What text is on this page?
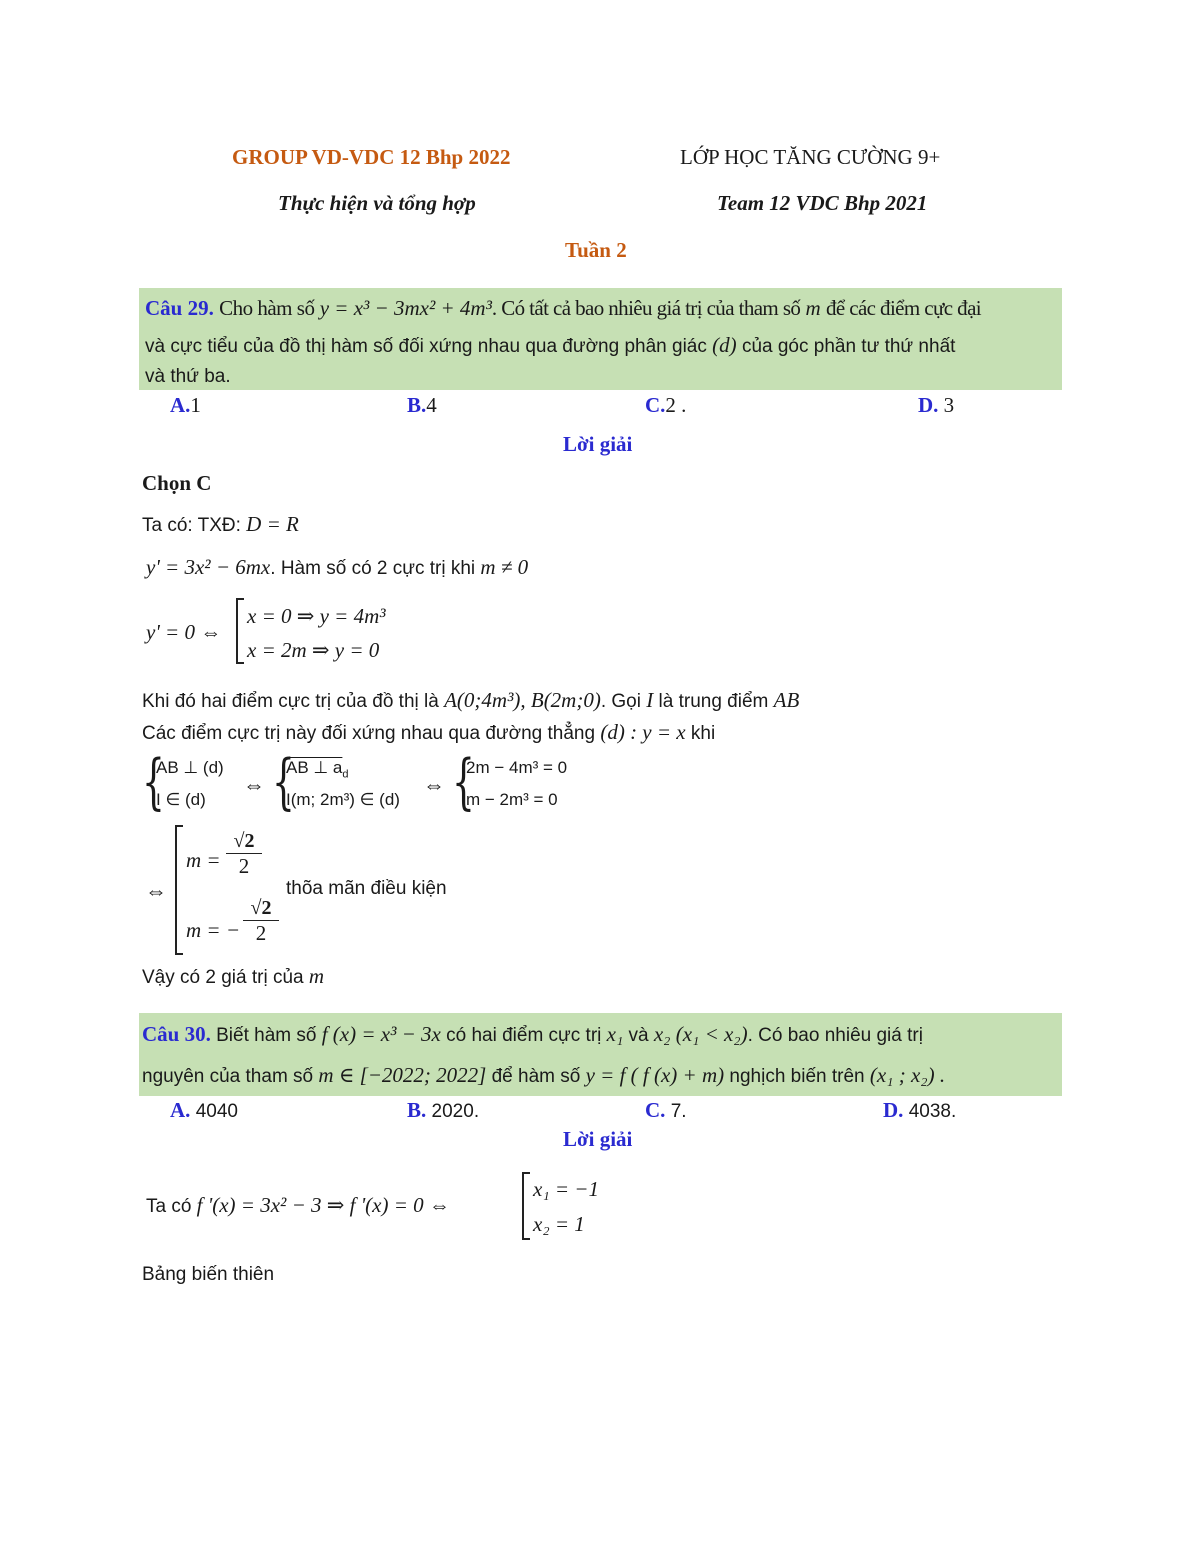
GROUP VD-VDC 12 Bhp 2022
Thực hiện và tổng hợp
LỚP HỌC TĂNG CƯỜNG 9+
Team 12 VDC Bhp 2021
Tuần 2
Câu 29. Cho hàm số y = x³ − 3mx² + 4m³. Có tất cả bao nhiêu giá trị của tham số m để các điểm cực đại
và cực tiểu của đồ thị hàm số đối xứng nhau qua đường phân giác (d) của góc phần tư thứ nhất
và thứ ba.
A.1	B.4	C.2 .	D. 3
Lời giải
Chọn C
Ta có: TXĐ: D = R
y' = 3x² − 6mx. Hàm số có 2 cực trị khi m ≠ 0
y' = 0 ⇔
x = 0 ⇒ y = 4m³
x = 2m ⇒ y = 0
Khi đó hai điểm cực trị của đồ thị là A(0;4m³), B(2m;0). Gọi I là trung điểm AB
Các điểm cực trị này đối xứng nhau qua đường thẳng (d) : y = x khi
{
AB ⊥ (d)
I ∈ (d)
⇔ {
AB ⊥ $a_d$
I(m; 2m³) ∈ (d)
⇔ {
2m − 4m³ = 0
m − 2m³ = 0
⇔
$m = \frac{√2}{2}$
m = − $\frac{√2}{2}$
thõa mãn điều kiện
Vậy có 2 giá trị của m
Câu 30. Biết hàm số f (x) = x³ − 3x có hai điểm cực trị x₁ và x₂ (x₁ < x₂). Có bao nhiêu giá trị
nguyên của tham số m ∈ [−2022; 2022] để hàm số y = f ( f (x) + m) nghịch biến trên (x₁ ; x₂) .
A. 4040	B. 2020.	C. 7.	D. 4038.
Lời giải
Ta có f '(x) = 3x² − 3 ⇒ f '(x) = 0 ⇔
x₁ = −1
x₂ = 1
Bảng biến thiên
